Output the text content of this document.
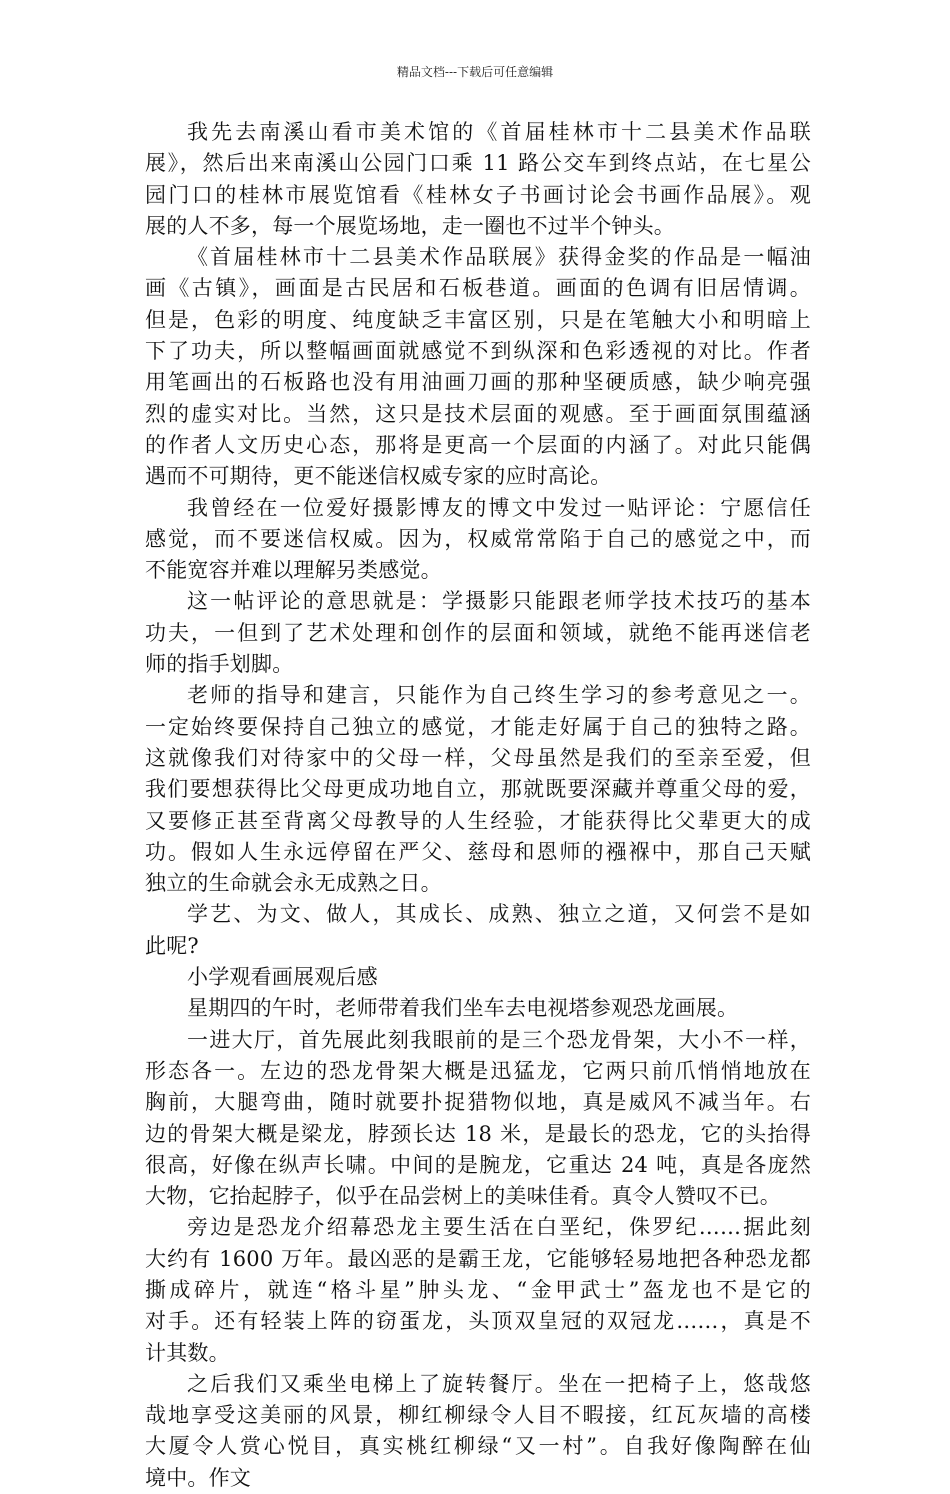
精品文档---下载后可任意编辑
我先去南溪山看市美术馆的《首届桂林市十二县美术作品联
展》，然后出来南溪山公园门口乘 11 路公交车到终点站，在七星公
园门口的桂林市展览馆看《桂林女子书画讨论会书画作品展》。观
展的人不多，每一个展览场地，走一圈也不过半个钟头。
《首届桂林市十二县美术作品联展》获得金奖的作品是一幅油
画《古镇》，画面是古民居和石板巷道。画面的色调有旧居情调。
但是，色彩的明度、纯度缺乏丰富区别，只是在笔触大小和明暗上
下了功夫，所以整幅画面就感觉不到纵深和色彩透视的对比。作者
用笔画出的石板路也没有用油画刀画的那种坚硬质感，缺少响亮强
烈的虚实对比。当然，这只是技术层面的观感。至于画面氛围蕴涵
的作者人文历史心态，那将是更高一个层面的内涵了。对此只能偶
遇而不可期待，更不能迷信权威专家的应时高论。
我曾经在一位爱好摄影博友的博文中发过一贴评论：宁愿信任
感觉，而不要迷信权威。因为，权威常常陷于自己的感觉之中，而
不能宽容并难以理解另类感觉。
这一帖评论的意思就是：学摄影只能跟老师学技术技巧的基本
功夫，一但到了艺术处理和创作的层面和领域，就绝不能再迷信老
师的指手划脚。
老师的指导和建言，只能作为自己终生学习的参考意见之一。
一定始终要保持自己独立的感觉，才能走好属于自己的独特之路。
这就像我们对待家中的父母一样，父母虽然是我们的至亲至爱，但
我们要想获得比父母更成功地自立，那就既要深藏并尊重父母的爱，
又要修正甚至背离父母教导的人生经验，才能获得比父辈更大的成
功。假如人生永远停留在严父、慈母和恩师的襁褓中，那自己天赋
独立的生命就会永无成熟之日。
学艺、为文、做人，其成长、成熟、独立之道，又何尝不是如
此呢?
小学观看画展观后感
星期四的午时，老师带着我们坐车去电视塔参观恐龙画展。
一进大厅，首先展此刻我眼前的是三个恐龙骨架，大小不一样，
形态各一。左边的恐龙骨架大概是迅猛龙，它两只前爪悄悄地放在
胸前，大腿弯曲，随时就要扑捉猎物似地，真是威风不减当年。右
边的骨架大概是梁龙，脖颈长达 18 米，是最长的恐龙，它的头抬得
很高，好像在纵声长啸。中间的是腕龙，它重达 24 吨，真是各庞然
大物，它抬起脖子，似乎在品尝树上的美味佳肴。真令人赞叹不已。
旁边是恐龙介绍幕恐龙主要生活在白垩纪，侏罗纪……据此刻
大约有 1600 万年。最凶恶的是霸王龙，它能够轻易地把各种恐龙都
撕成碎片，就连“格斗星”肿头龙、“金甲武士”盔龙也不是它的
对手。还有轻装上阵的窃蛋龙，头顶双皇冠的双冠龙……，真是不
计其数。
之后我们又乘坐电梯上了旋转餐厅。坐在一把椅子上，悠哉悠
哉地享受这美丽的风景，柳红柳绿令人目不暇接，红瓦灰墙的高楼
大厦令人赏心悦目，真实桃红柳绿“又一村”。自我好像陶醉在仙
境中。作文
